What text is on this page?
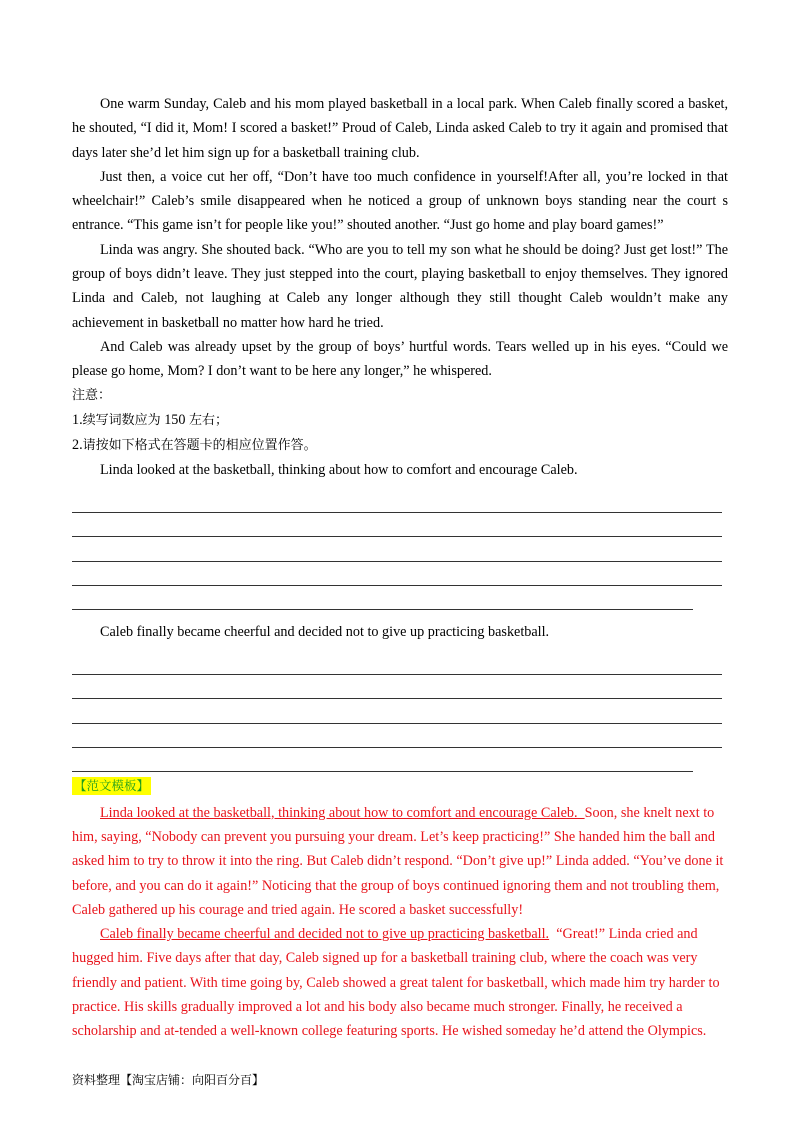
One warm Sunday, Caleb and his mom played basketball in a local park. When Caleb finally scored a basket, he shouted, “I did it, Mom! I scored a basket!” Proud of Caleb, Linda asked Caleb to try it again and promised that days later she’d let him sign up for a basketball training club.

Just then, a voice cut her off, “Don’t have too much confidence in yourself!After all, you’re locked in that wheelchair!” Caleb’s smile disappeared when he noticed a group of unknown boys standing near the court s entrance. “This game isn’t for people like you!” shouted another. “Just go home and play board games!”

Linda was angry. She shouted back. “Who are you to tell my son what he should be doing? Just get lost!” The group of boys didn’t leave. They just stepped into the court, playing basketball to enjoy themselves. They ignored Linda and Caleb, not laughing at Caleb any longer although they still thought Caleb wouldn’t make any achievement in basketball no matter how hard he tried.

And Caleb was already upset by the group of boys’ hurtful words. Tears welled up in his eyes. “Could we please go home, Mom? I don’t want to be here any longer,” he whispered.

注意：

1.续写词数应为 150 左右；

2.请按如下格式在答题卡的相应位置作答。

Linda looked at the basketball, thinking about how to comfort and encourage Caleb.

Caleb finally became cheerful and decided not to give up practicing basketball.

【范文模板】

Linda looked at the basketball, thinking about how to comfort and encourage Caleb. Soon, she knelt next to him, saying, “Nobody can prevent you pursuing your dream. Let’s keep practicing!” She handed him the ball and asked him to try to throw it into the ring. But Caleb didn’t respond. “Don’t give up!” Linda added. “You’ve done it before, and you can do it again!” Noticing that the group of boys continued ignoring them and not troubling them, Caleb gathered up his courage and tried again. He scored a basket successfully!

Caleb finally became cheerful and decided not to give up practicing basketball. “Great!” Linda cried and hugged him. Five days after that day, Caleb signed up for a basketball training club, where the coach was very friendly and patient. With time going by, Caleb showed a great talent for basketball, which made him try harder to practice. His skills gradually improved a lot and his body also became much stronger. Finally, he received a scholarship and at-tended a well-known college featuring sports. He wished someday he’d attend the Olympics.

资料整理【淘宝店铺：向阳百分百】
